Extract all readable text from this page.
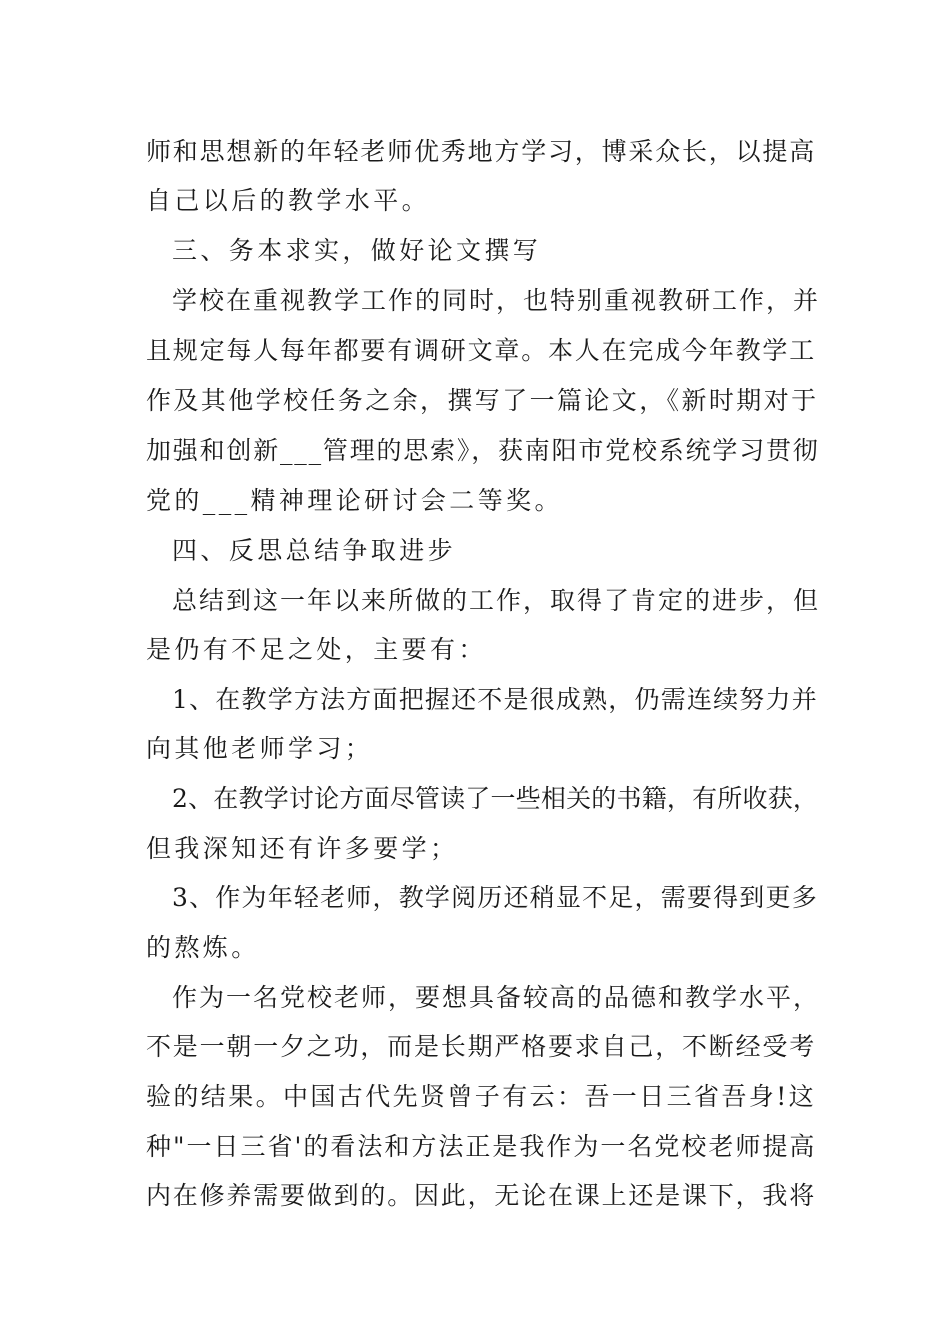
师和思想新的年轻老师优秀地方学习，博采众长，以提高
自己以后的教学水平。
三、务本求实，做好论文撰写
学校在重视教学工作的同时，也特别重视教研工作，并
且规定每人每年都要有调研文章。本人在完成今年教学工
作及其他学校任务之余，撰写了一篇论文，《新时期对于
加强和创新___管理的思索》，获南阳市党校系统学习贯彻
党的___精神理论研讨会二等奖。
四、反思总结争取进步
总结到这一年以来所做的工作，取得了肯定的进步，但
是仍有不足之处，主要有：
1、在教学方法方面把握还不是很成熟，仍需连续努力并
向其他老师学习；
2、在教学讨论方面尽管读了一些相关的书籍，有所收获，
但我深知还有许多要学；
3、作为年轻老师，教学阅历还稍显不足，需要得到更多
的熬炼。
作为一名党校老师，要想具备较高的品德和教学水平，
不是一朝一夕之功，而是长期严格要求自己，不断经受考
验的结果。中国古代先贤曾子有云：吾一日三省吾身!这
种"一日三省'的看法和方法正是我作为一名党校老师提高
内在修养需要做到的。因此，无论在课上还是课下，我将
